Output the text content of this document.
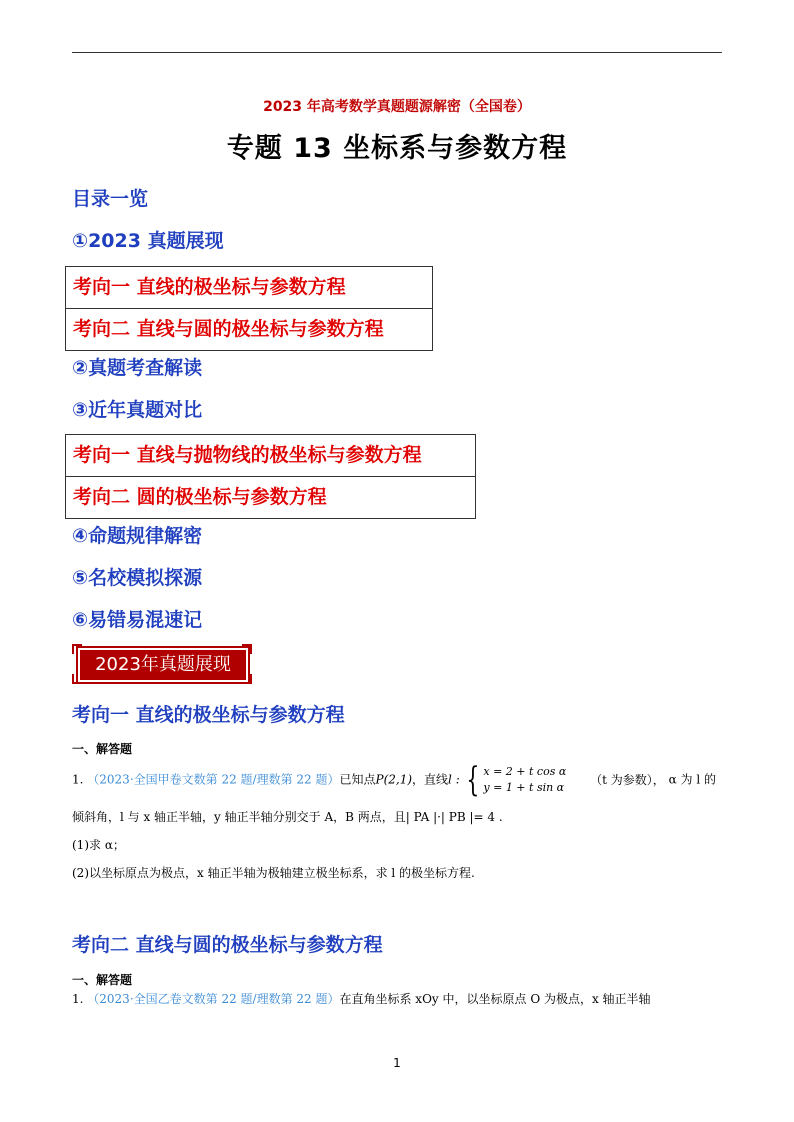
2023 年高考数学真题题源解密（全国卷）
专题 13 坐标系与参数方程
目录一览
①2023 真题展现
考向一 直线的极坐标与参数方程
考向二 直线与圆的极坐标与参数方程
②真题考查解读
③近年真题对比
考向一 直线与抛物线的极坐标与参数方程
考向二 圆的极坐标与参数方程
④命题规律解密
⑤名校模拟探源
⑥易错易混速记
2023年真题展现
考向一 直线的极坐标与参数方程
一、解答题
1. （2023·全国甲卷文数第 22 题/理数第 22 题）已知点P(2,1)，直线l : { x = 2 + t cos α
y = 1 + t sin α （t 为参数）， α 为 l 的
倾斜角，l 与 x 轴正半轴，y 轴正半轴分别交于 A，B 两点，且| PA |·| PB |= 4 .
(1)求 α；
(2)以坐标原点为极点，x 轴正半轴为极轴建立极坐标系，求 l 的极坐标方程.
考向二 直线与圆的极坐标与参数方程
一、解答题
1. （2023·全国乙卷文数第 22 题/理数第 22 题）在直角坐标系 xOy 中，以坐标原点 O 为极点，x 轴正半轴
1
